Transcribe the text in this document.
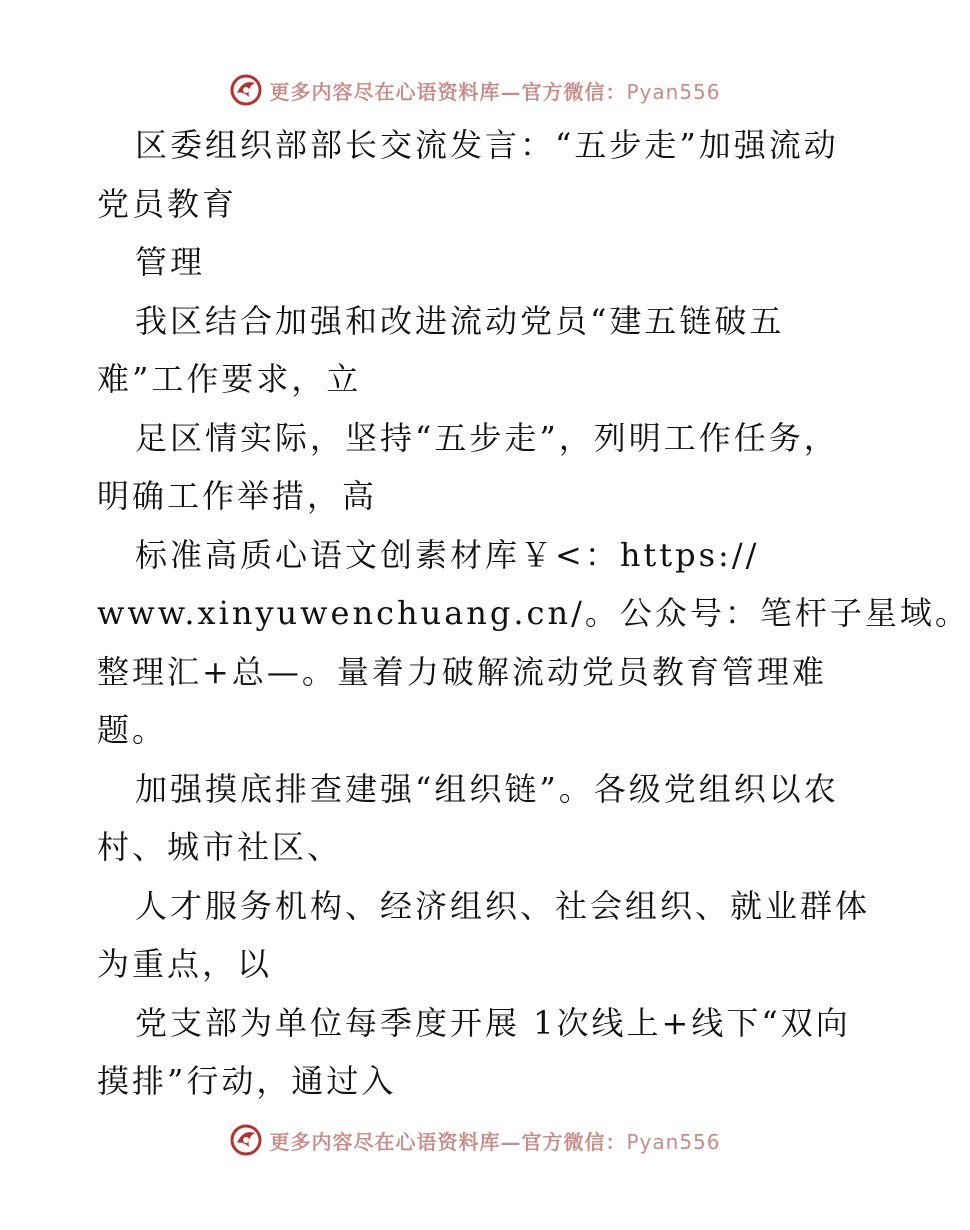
更多内容尽在心语资料库—官方微信：Pyan556
区委组织部部长交流发言：“五步走”加强流动
党员教育
管理
我区结合加强和改进流动党员“建五链破五
难”工作要求，立
足区情实际，坚持“五步走”，列明工作任务，
明确工作举措，高
标准高质心语文创素材库￥<：https://
www.xinyuwenchuang.cn/。公众号：笔杆子星域。
整理汇+总—。量着力破解流动党员教育管理难
题。
加强摸底排查建强“组织链”。各级党组织以农
村、城市社区、
人才服务机构、经济组织、社会组织、就业群体
为重点，以
党支部为单位每季度开展 1次线上+线下“双向
摸排”行动，通过入
更多内容尽在心语资料库—官方微信：Pyan556
